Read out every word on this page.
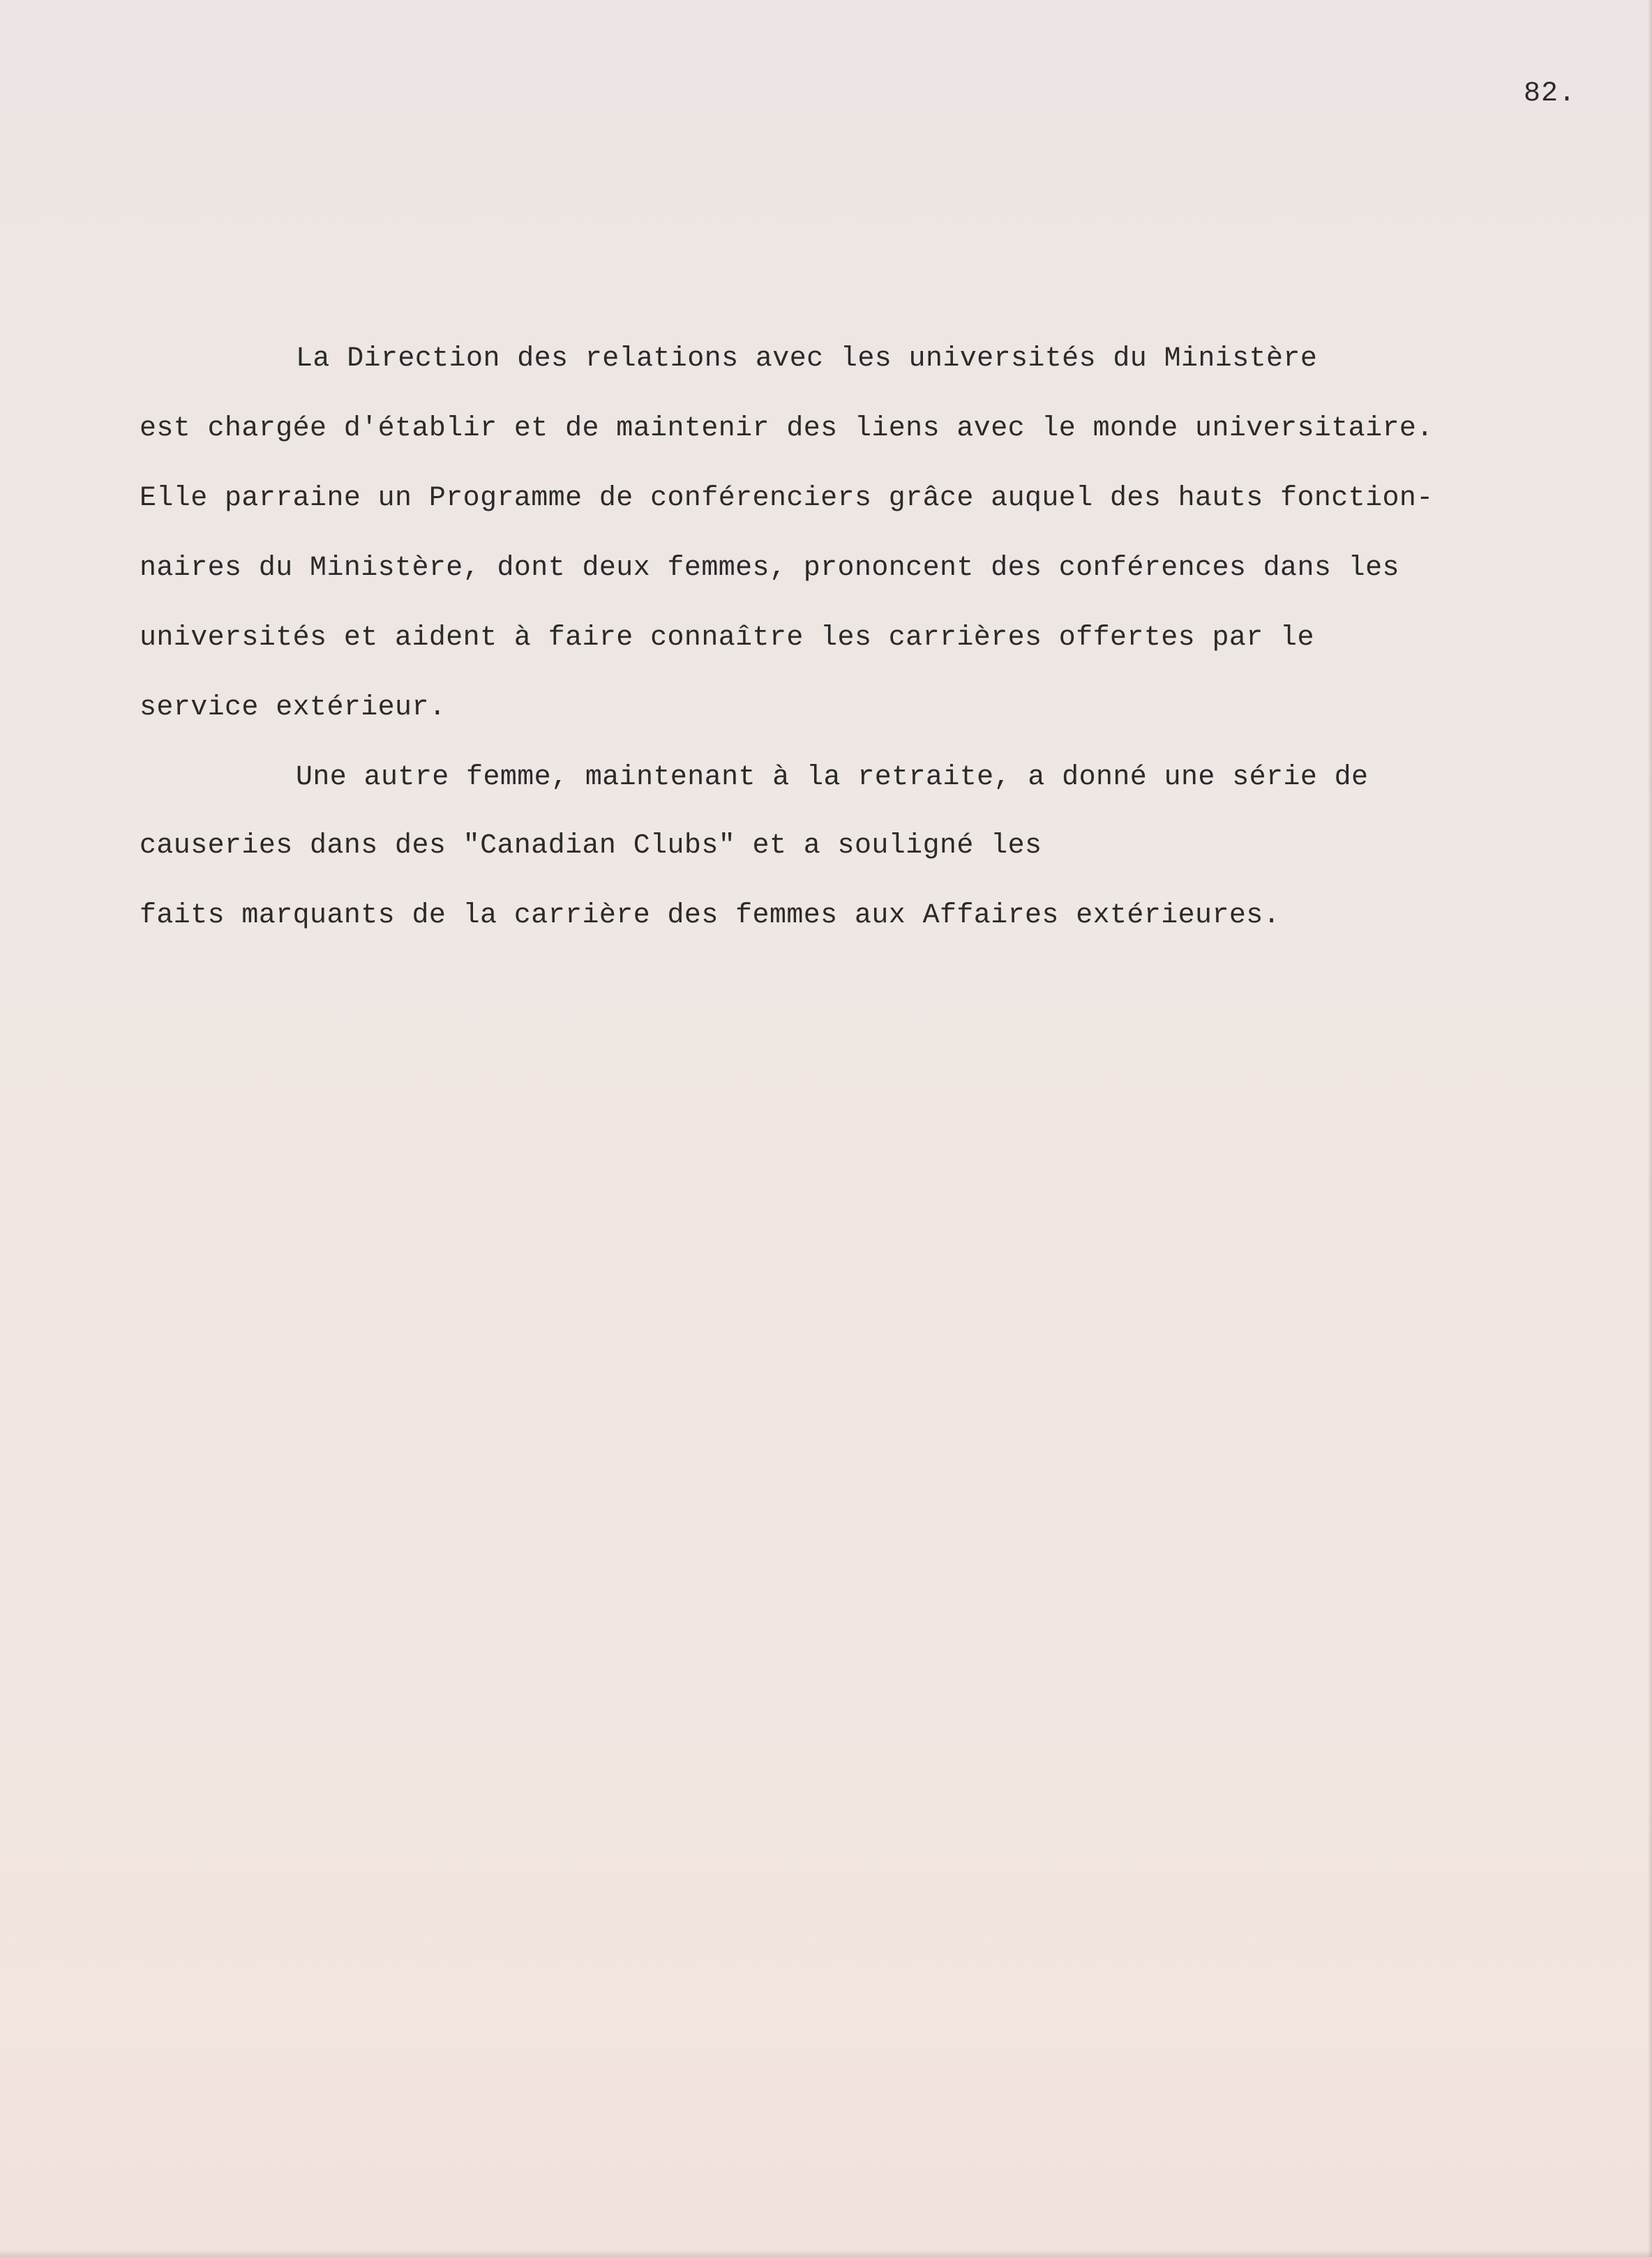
82.
La Direction des relations avec les universités du Ministère
est chargée d'établir et de maintenir des liens avec le monde universitaire.
Elle parraine un Programme de conférenciers grâce auquel des hauts fonction-
naires du Ministère, dont deux femmes, prononcent des conférences dans les
universités et aident à faire connaître les carrières offertes par le
service extérieur.
Une autre femme, maintenant à la retraite, a donné une série de
causeries dans des "Canadian Clubs" et a souligné les
faits marquants de la carrière des femmes aux Affaires extérieures.
